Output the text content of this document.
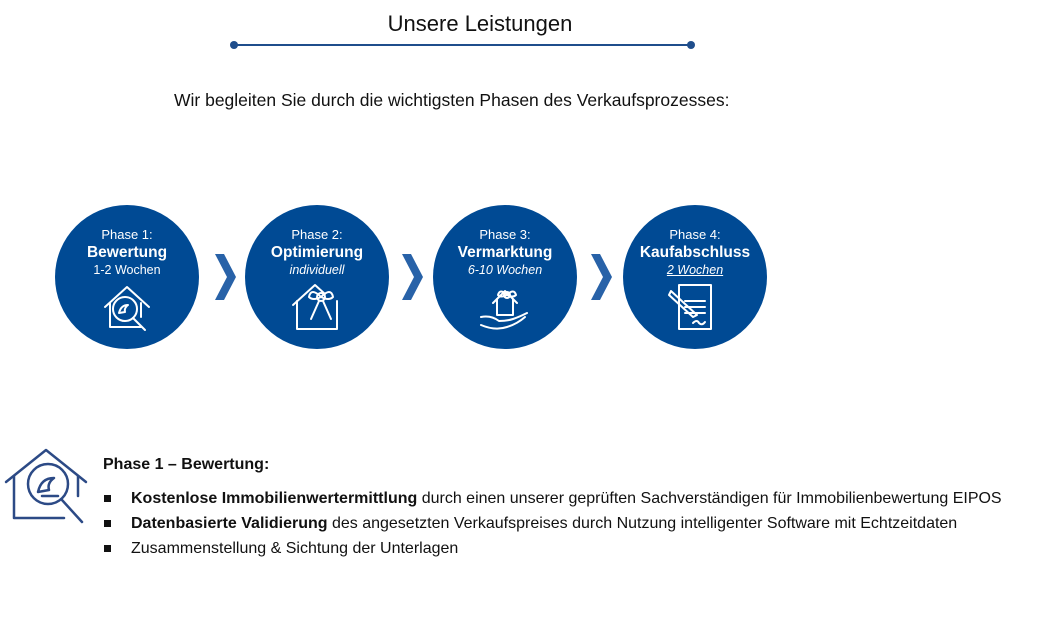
Unsere Leistungen
Wir begleiten Sie durch die wichtigsten Phasen des Verkaufsprozesses:
Phase 1:
Bewertung
1-2 Wochen
Phase 2:
Optimierung
individuell
Phase 3:
Vermarktung
6-10 Wochen
Phase 4:
Kaufabschluss
2 Wochen
Phase 1 – Bewertung:
Kostenlose Immobilienwertermittlung durch einen unserer geprüften Sachverständigen für Immobilienbewertung EIPOS
Datenbasierte Validierung des angesetzten Verkaufspreises durch Nutzung intelligenter Software mit Echtzeitdaten
Zusammenstellung & Sichtung der Unterlagen
